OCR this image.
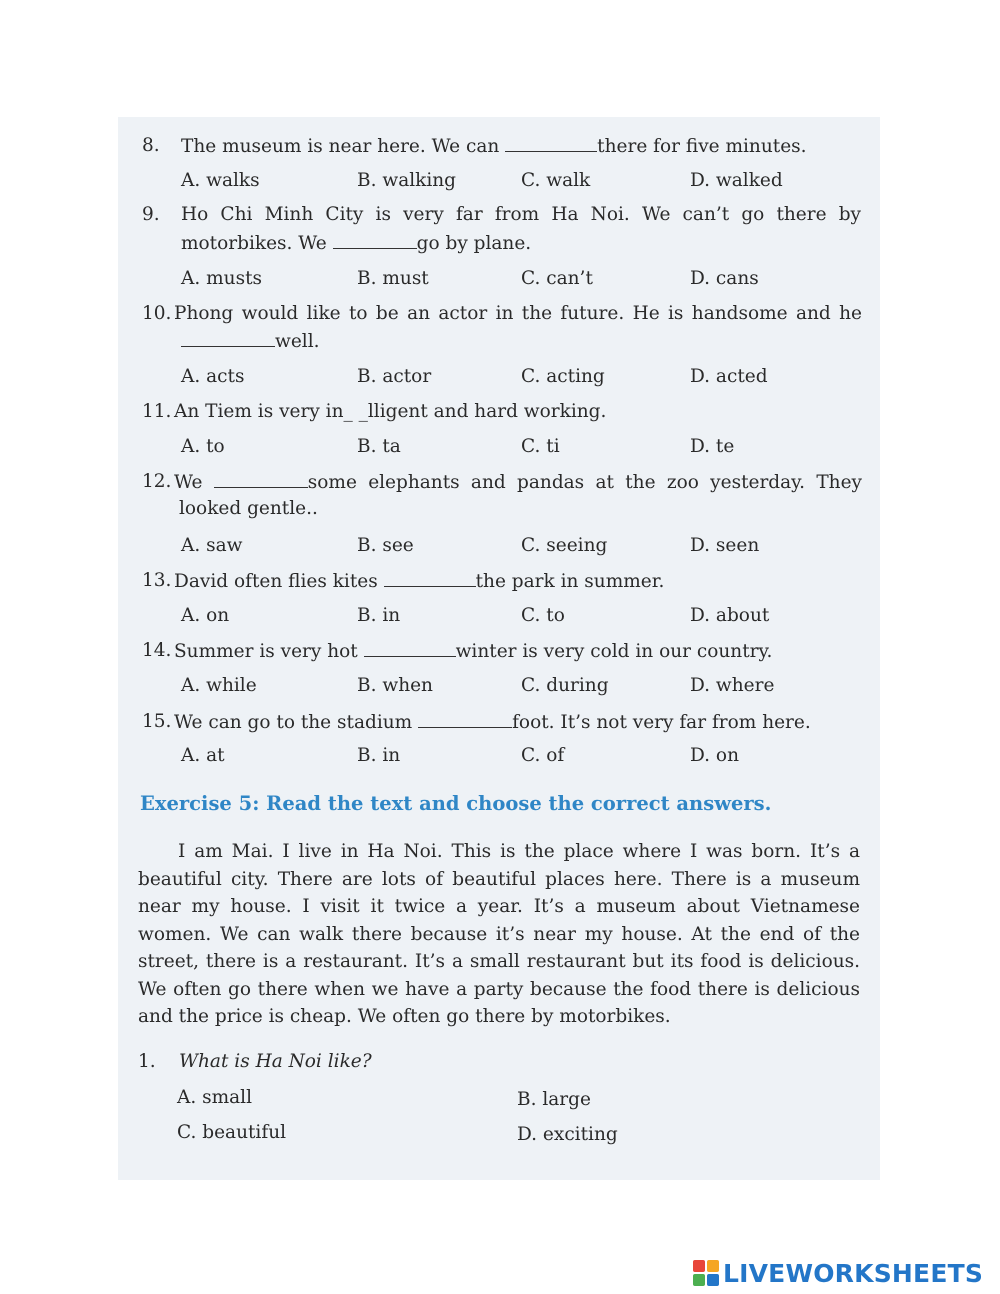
8. The museum is near here. We can	there for five minutes.
A. walks	B. walking	C. walk	D. walked
9. Ho Chi Minh City is very far from Ha Noi. We can’t go there by
motorbikes. We	go by plane.
A. musts	B. must	C. can’t	D. cans
10. Phong would like to be an actor in the future. He is handsome and he
well.
A. acts	B. actor	C. acting	D. acted
11. An Tiem is very in_ _lligent and hard working.
A. to	B. ta	C. ti	D. te
12. We	some elephants and pandas at the zoo yesterday. They
looked gentle..
A. saw	B. see	C. seeing	D. seen
13. David often flies kites	the park in summer.
A. on	B. in	C. to	D. about
14. Summer is very hot	winter is very cold in our country.
A. while	B. when	C. during	D. where
15. We can go to the stadium	foot. It’s not very far from here.
A. at	B. in	C. of	D. on
Exercise 5: Read the text and choose the correct answers.
I am Mai. I live in Ha Noi. This is the place where I was born. It’s a beautiful city. There are lots of beautiful places here. There is a museum near my house. I visit it twice a year. It’s a museum about Vietnamese women. We can walk there because it’s near my house. At the end of the street, there is a restaurant. It’s a small restaurant but its food is delicious. We often go there when we have a party because the food there is delicious and the price is cheap. We often go there by motorbikes.
1. What is Ha Noi like?
A. small	B. large
C. beautiful	D. exciting
LIVEWORKSHEETS
